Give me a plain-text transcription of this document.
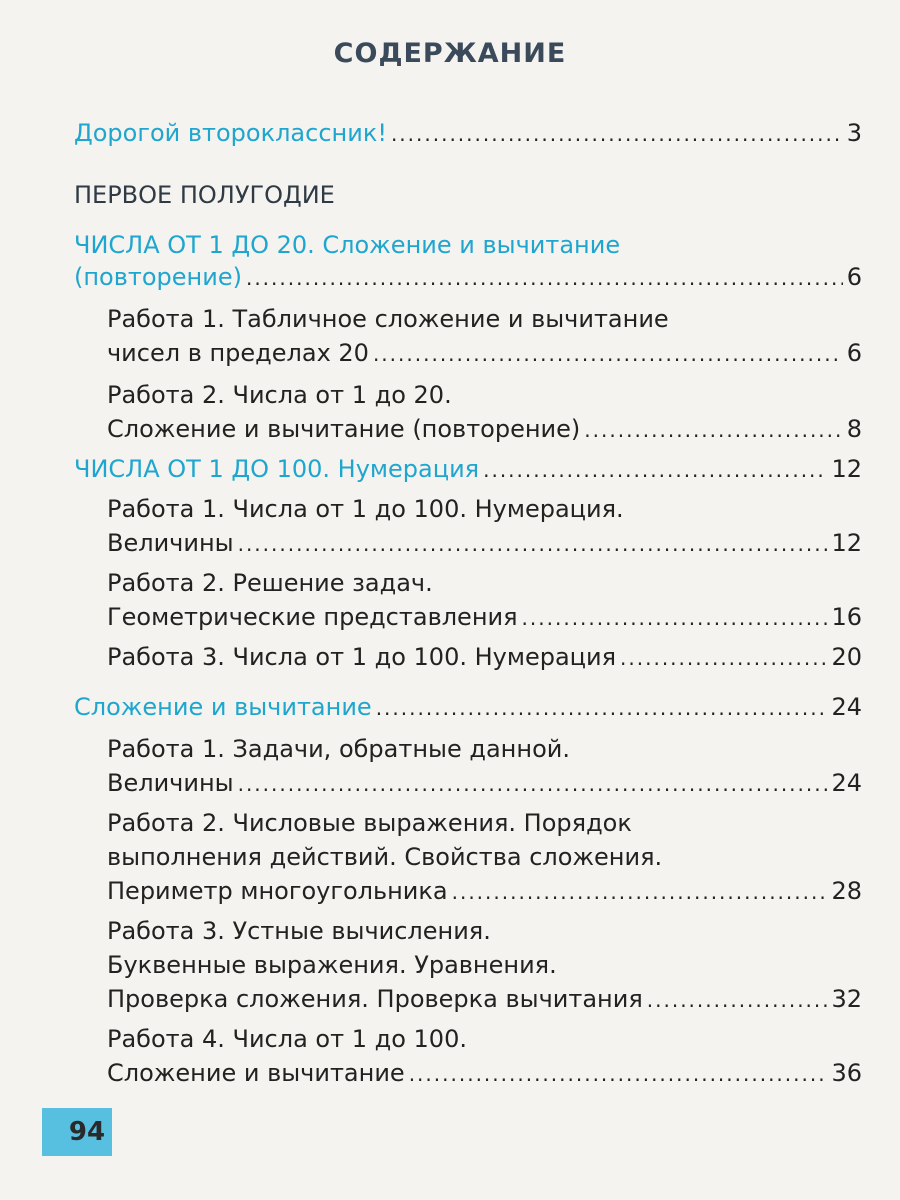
СОДЕРЖАНИЕ
Дорогой второклассник! .....	3
ПЕРВОЕ ПОЛУГОДИЕ
ЧИСЛА ОТ 1 ДО 20. Сложение и вычитание
(повторение) .....	6
Работа 1. Табличное сложение и вычитание
чисел в пределах 20 .....	6
Работа 2. Числа от 1 до 20.
Сложение и вычитание (повторение) .....	8
ЧИСЛА ОТ 1 ДО 100. Нумерация .....	12
Работа 1. Числа от 1 до 100. Нумерация.
Величины .....	12
Работа 2. Решение задач.
Геометрические представления .....	16
Работа 3. Числа от 1 до 100. Нумерация .....	20
Сложение и вычитание .....	24
Работа 1. Задачи, обратные данной.
Величины .....	24
Работа 2. Числовые выражения. Порядок
выполнения действий. Свойства сложения.
Периметр многоугольника .....	28
Работа 3. Устные вычисления.
Буквенные выражения. Уравнения.
Проверка сложения. Проверка вычитания .....	32
Работа 4. Числа от 1 до 100.
Сложение и вычитание .....	36
94
